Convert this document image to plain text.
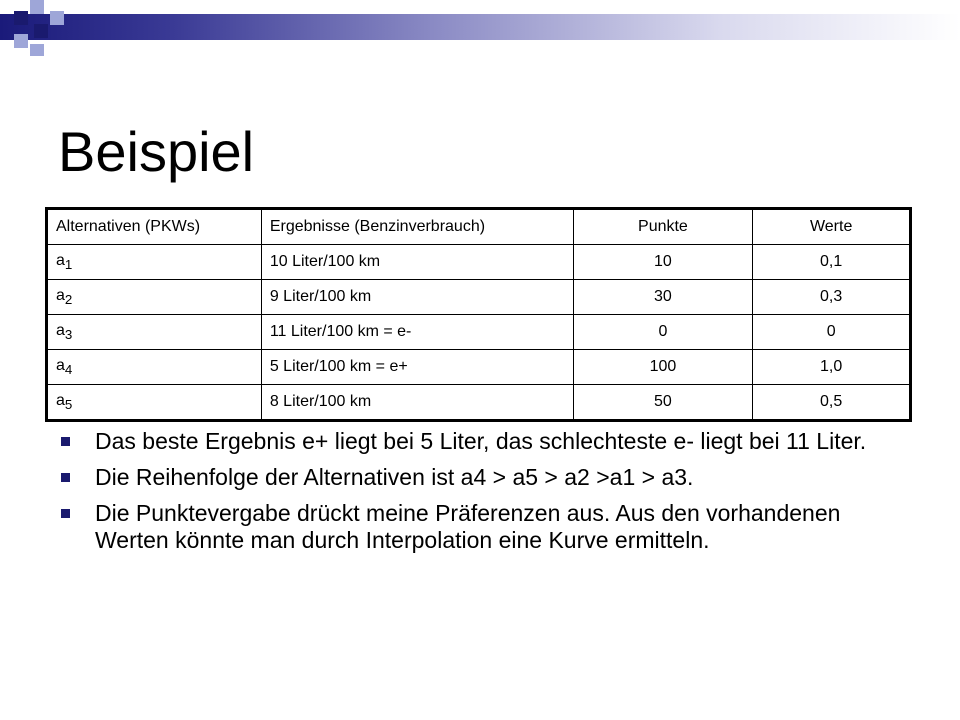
Beispiel
Alternativen (PKWs)	Ergebnisse (Benzinverbrauch)	Punkte	Werte
$a_1$	10 Liter/100 km	10	0,1
$a_2$	9 Liter/100 km	30	0,3
$a_3$	11 Liter/100 km = e-	0	0
$a_4$	5 Liter/100 km = e+	100	1,0
$a_5$	8 Liter/100 km	50	0,5
Das beste Ergebnis e+ liegt bei 5 Liter, das schlechteste e- liegt bei 11 Liter.
Die Reihenfolge der Alternativen ist a4 > a5 > a2 >a1 > a3.
Die Punktevergabe drückt meine Präferenzen aus. Aus den vorhandenen Werten könnte man durch Interpolation eine Kurve ermitteln.
